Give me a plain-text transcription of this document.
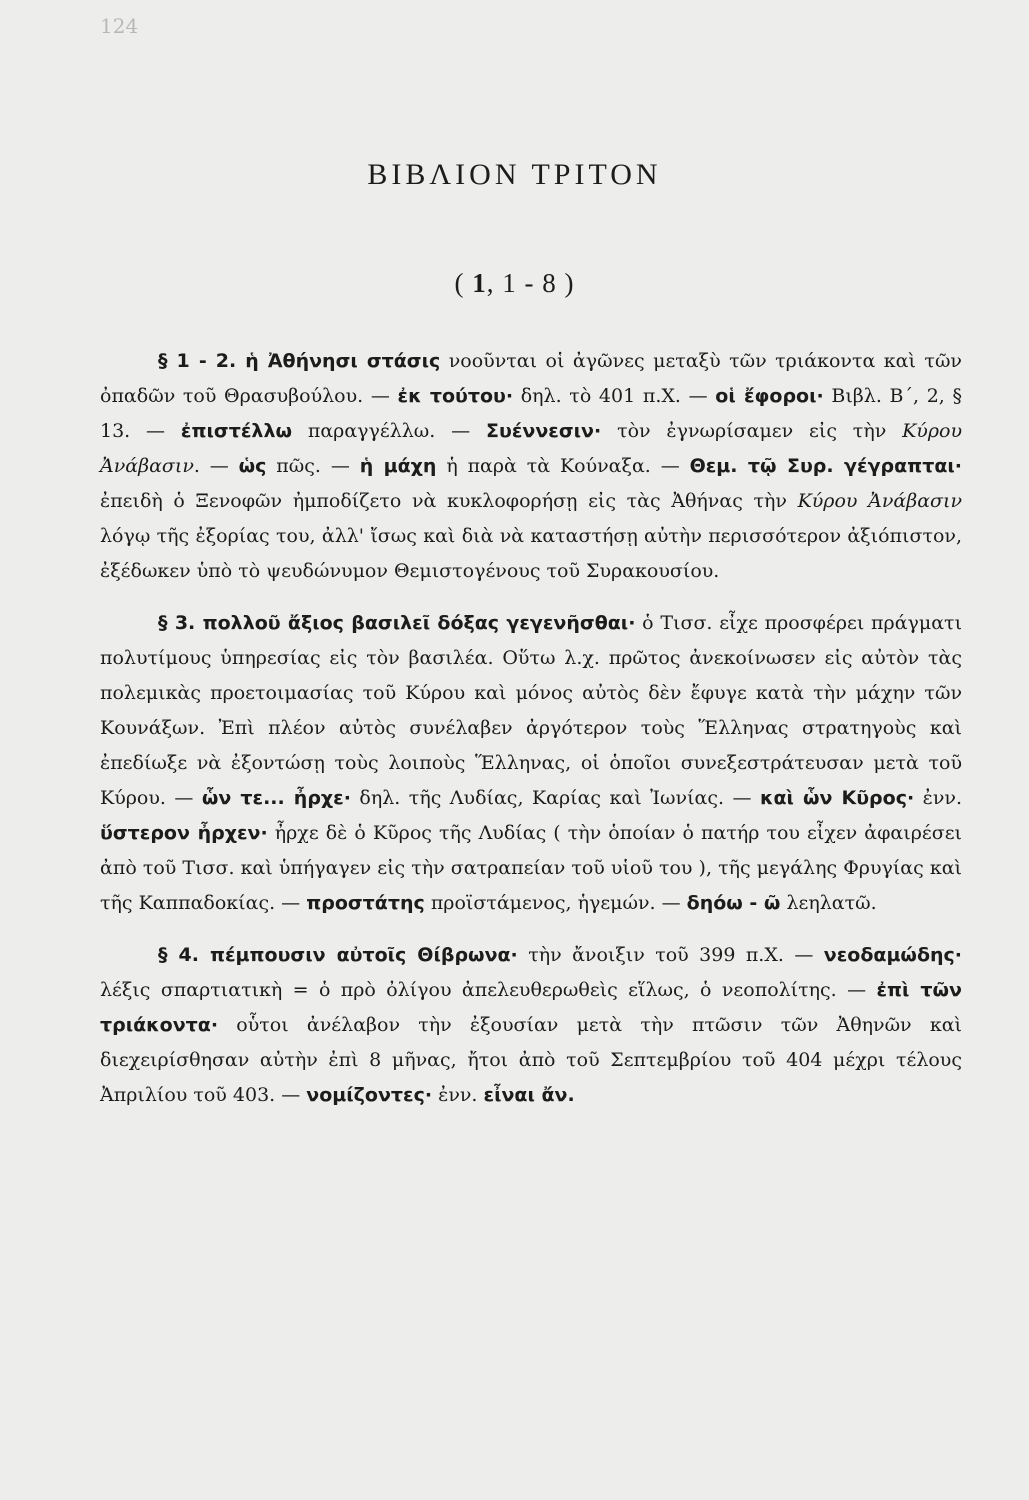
124
ΒΙΒΛΙΟΝ ΤΡΙΤΟΝ
( 1, 1 - 8 )

§ 1 - 2. ἡ Ἀθήνησι στάσις νοοῦνται οἱ ἀγῶνες μεταξὺ τῶν τριάκοντα καὶ τῶν ὀπαδῶν τοῦ Θρασυβούλου. — ἐκ τούτου· δηλ. τὸ 401 π.Χ. — οἱ ἔφοροι· Βιβλ. Β΄, 2, § 13. — ἐπιστέλλω παραγγέλλω. — Συέννεσιν· τὸν ἐγνωρίσαμεν εἰς τὴν Κύρου Ἀνάβασιν. — ὡς πῶς. — ἡ μάχη ἡ παρὰ τὰ Κούναξα. — Θεμ. τῷ Συρ. γέγραπται· ἐπειδὴ ὁ Ξενοφῶν ἠμποδίζετο νὰ κυκλοφορήσῃ εἰς τὰς Ἀθήνας τὴν Κύρου Ἀνάβασιν λόγῳ τῆς ἐξορίας του, ἀλλ' ἴσως καὶ διὰ νὰ καταστήσῃ αὐτὴν περισσότερον ἀξιόπιστον, ἐξέδωκεν ὑπὸ τὸ ψευδώνυμον Θεμιστογένους τοῦ Συρακουσίου.

§ 3. πολλοῦ ἄξιος βασιλεῖ δόξας γεγενῆσθαι· ὁ Τισσ. εἶχε προσφέρει πράγματι πολυτίμους ὑπηρεσίας εἰς τὸν βασιλέα. Οὕτω λ.χ. πρῶτος ἀνεκοίνωσεν εἰς αὐτὸν τὰς πολεμικὰς προετοιμασίας τοῦ Κύρου καὶ μόνος αὐτὸς δὲν ἔφυγε κατὰ τὴν μάχην τῶν Κουνάξων. Ἐπὶ πλέον αὐτὸς συνέλαβεν ἀργότερον τοὺς Ἕλληνας στρατηγοὺς καὶ ἐπεδίωξε νὰ ἐξοντώσῃ τοὺς λοιποὺς Ἕλληνας, οἱ ὁποῖοι συνεξεστράτευσαν μετὰ τοῦ Κύρου. — ὧν τε... ἦρχε· δηλ. τῆς Λυδίας, Καρίας καὶ Ἰωνίας. — καὶ ὧν Κῦρος· ἐνν. ὕστερον ἦρχεν· ἦρχε δὲ ὁ Κῦρος τῆς Λυδίας ( τὴν ὁποίαν ὁ πατήρ του εἶχεν ἀφαιρέσει ἀπὸ τοῦ Τισσ. καὶ ὑπήγαγεν εἰς τὴν σατραπείαν τοῦ υἱοῦ του ), τῆς μεγάλης Φρυγίας καὶ τῆς Καππαδοκίας. — προστάτης προϊστάμενος, ἡγεμών. — δηόω - ῶ λεηλατῶ.

§ 4. πέμπουσιν αὐτοῖς Θίβρωνα· τὴν ἄνοιξιν τοῦ 399 π.Χ. — νεοδαμώδης· λέξις σπαρτιατικὴ = ὁ πρὸ ὀλίγου ἀπελευθερωθεὶς εἵλως, ὁ νεοπολίτης. — ἐπὶ τῶν τριάκοντα· οὗτοι ἀνέλαβον τὴν ἐξουσίαν μετὰ τὴν πτῶσιν τῶν Ἀθηνῶν καὶ διεχειρίσθησαν αὐτὴν ἐπὶ 8 μῆνας, ἤτοι ἀπὸ τοῦ Σεπτεμβρίου τοῦ 404 μέχρι τέλους Ἀπριλίου τοῦ 403. — νομίζοντες· ἐνν. εἶναι ἄν.
